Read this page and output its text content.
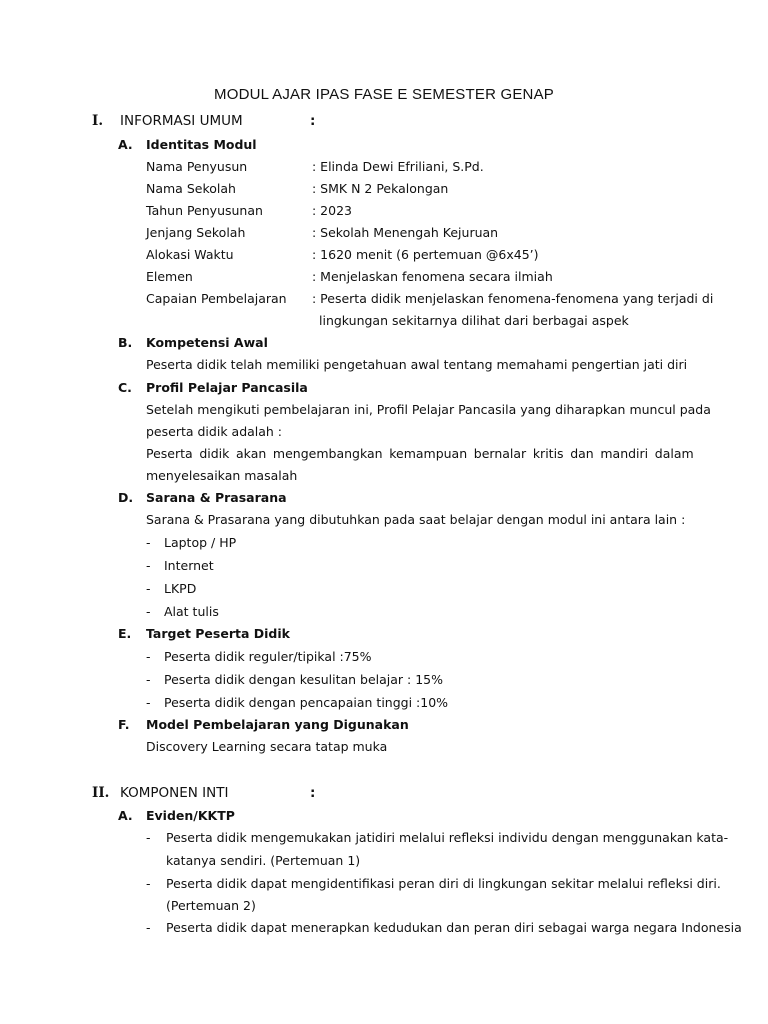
MODUL AJAR IPAS FASE E SEMESTER GENAP
I. INFORMASI UMUM	:
A. Identitas Modul
Nama Penyusun	: Elinda Dewi Efriliani, S.Pd.
Nama Sekolah	: SMK N 2 Pekalongan
Tahun Penyusunan	: 2023
Jenjang Sekolah	: Sekolah Menengah Kejuruan
Alokasi Waktu	: 1620 menit (6 pertemuan @6x45’)
Elemen	: Menjelaskan fenomena secara ilmiah
Capaian Pembelajaran : Peserta didik menjelaskan fenomena-fenomena yang terjadi di
lingkungan sekitarnya dilihat dari berbagai aspek
B. Kompetensi Awal
Peserta didik telah memiliki pengetahuan awal tentang memahami pengertian jati diri
C. Profil Pelajar Pancasila
Setelah mengikuti pembelajaran ini, Profil Pelajar Pancasila yang diharapkan muncul pada
peserta didik adalah :
Peserta didik akan mengembangkan kemampuan bernalar kritis dan mandiri dalam
menyelesaikan masalah
D. Sarana & Prasarana
Sarana & Prasarana yang dibutuhkan pada saat belajar dengan modul ini antara lain :
- Laptop / HP
- Internet
- LKPD
- Alat tulis
E. Target Peserta Didik
- Peserta didik reguler/tipikal :75%
- Peserta didik dengan kesulitan belajar : 15%
- Peserta didik dengan pencapaian tinggi :10%
F. Model Pembelajaran yang Digunakan
Discovery Learning secara tatap muka
II. KOMPONEN INTI	:
A. Eviden/KKTP
- Peserta didik mengemukakan jatidiri melalui refleksi individu dengan menggunakan kata-
katanya sendiri. (Pertemuan 1)
- Peserta didik dapat mengidentifikasi peran diri di lingkungan sekitar melalui refleksi diri.
(Pertemuan 2)
- Peserta didik dapat menerapkan kedudukan dan peran diri sebagai warga negara Indonesia
